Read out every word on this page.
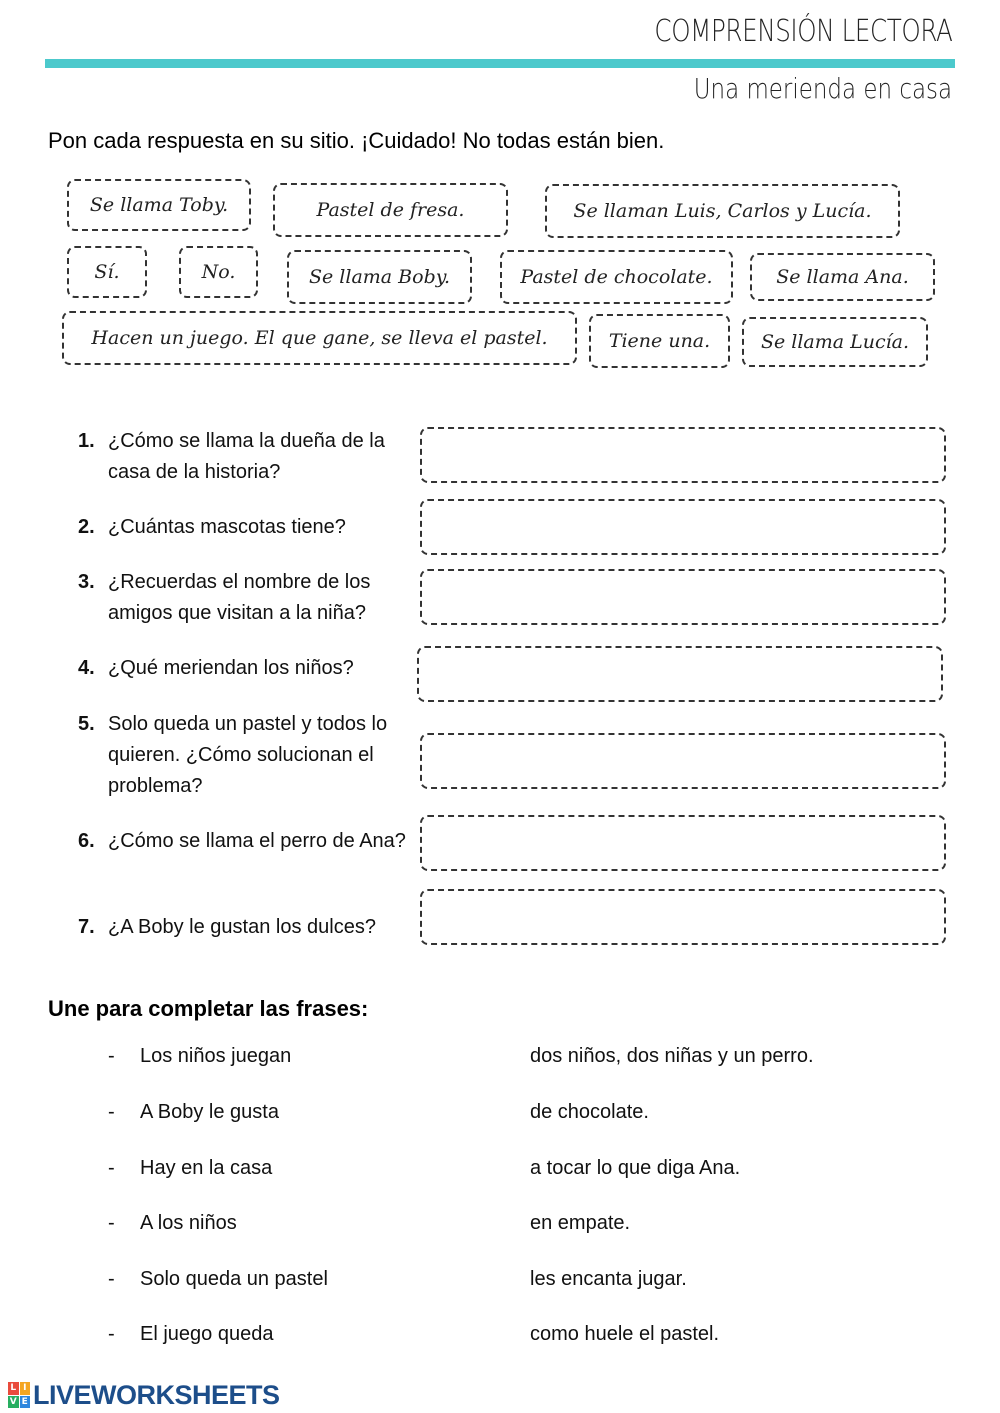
COMPRENSIÓN LECTORA
Una merienda en casa
Pon cada respuesta en su sitio. ¡Cuidado! No todas están bien.
Se llama Toby.	Pastel de fresa.	Se llaman Luis, Carlos y Lucía.
Sí.	No.	Se llama Boby.	Pastel de chocolate.	Se llama Ana.
Hacen un juego. El que gane, se lleva el pastel.	Tiene una.	Se llama Lucía.
1. ¿Cómo se llama la dueña de la casa de la historia?
2. ¿Cuántas mascotas tiene?
3. ¿Recuerdas el nombre de los amigos que visitan a la niña?
4. ¿Qué meriendan los niños?
5. Solo queda un pastel y todos lo quieren. ¿Cómo solucionan el problema?
6. ¿Cómo se llama el perro de Ana?
7. ¿A Boby le gustan los dulces?
Une para completar las frases:
- Los niños juegan	dos niños, dos niñas y un perro.
- A Boby le gusta	de chocolate.
- Hay en la casa	a tocar lo que diga Ana.
- A los niños	en empate.
- Solo queda un pastel	les encanta jugar.
- El juego queda	como huele el pastel.
L I
V E LIVEWORKSHEETS
